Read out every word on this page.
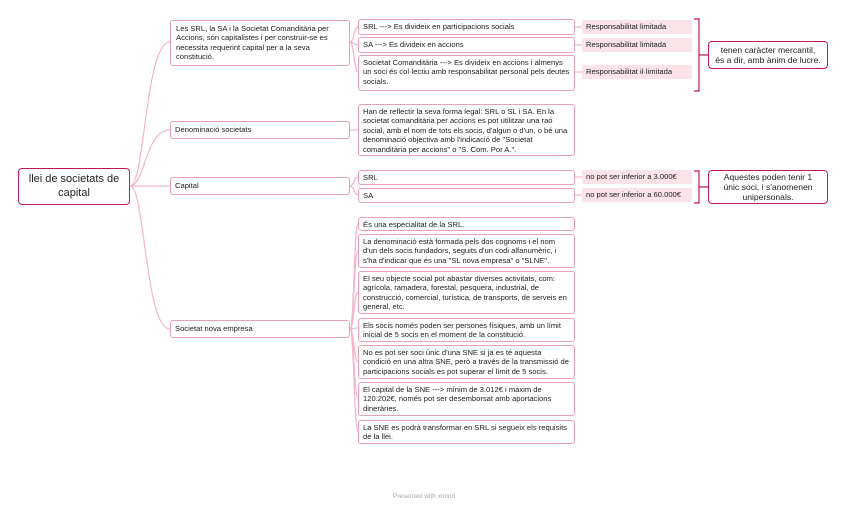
llei de societats de capital
Les SRL, la SA i la Societat Comanditària per Accions, són capitalistes i per construir-se es necessita requerint capital per a la seva constitució.
SRL ---> Es divideix en participacions socials	Responsabilitat limitada
SA ---> Es divideix en accions	Responsabilitat limitada
Societat Comanditària ---> Es divideix en accions i almenys un soci és col·lectiu amb responsabilitat personal pels deutes socials.
Responsabilitat il·limitada
tenen caràcter mercantil, és a dir, amb ànim de lucre.
Denominació societats
Han de reflectir la seva forma legal: SRL o SL i SA. En la societat comanditària per accions es pot utilitzar una raó social, amb el nom de tots els socis, d'algun o d'un, o bé una denominació objectiva amb l'indicació de "Societat comanditària per accions" o "S. Com. Por A.".
Capital
SRL	no pot ser inferior a 3.000€
SA	no pot ser inferior a 60.000€
Aquestes poden tenir 1 únic soci, i s'anomenen unipersonals.
Societat nova empresa
És una especialitat de la SRL.
La denominació està formada pels dos cognoms i el nom d'un dels socis fundadors, seguits d'un codi alfanumèric, i s'ha d'indicar que és una "SL nova empresa" o "SLNE".
El seu objecte social pot abastar diverses activitats, com: agrícola, ramadera, forestal, pesquera, industrial, de construcció, comercial, turística, de transports, de serveis en general, etc.
Els socis només poden ser persones físiques, amb un límit inicial de 5 socis en el moment de la constitució.
No es pot ser soci únic d'una SNE si ja es té aquesta condició en una altra SNE, però a través de la transmissió de participacions socials es pot superar el límit de 5 socis.
El capital de la SNE ---> mínim de 3.012€ i màxim de 120.202€, només pot ser desemborsat amb aportacions dineràries.
La SNE es podrà transformar en SRL si segueix els requisits de la llei.
Presented with xmind
